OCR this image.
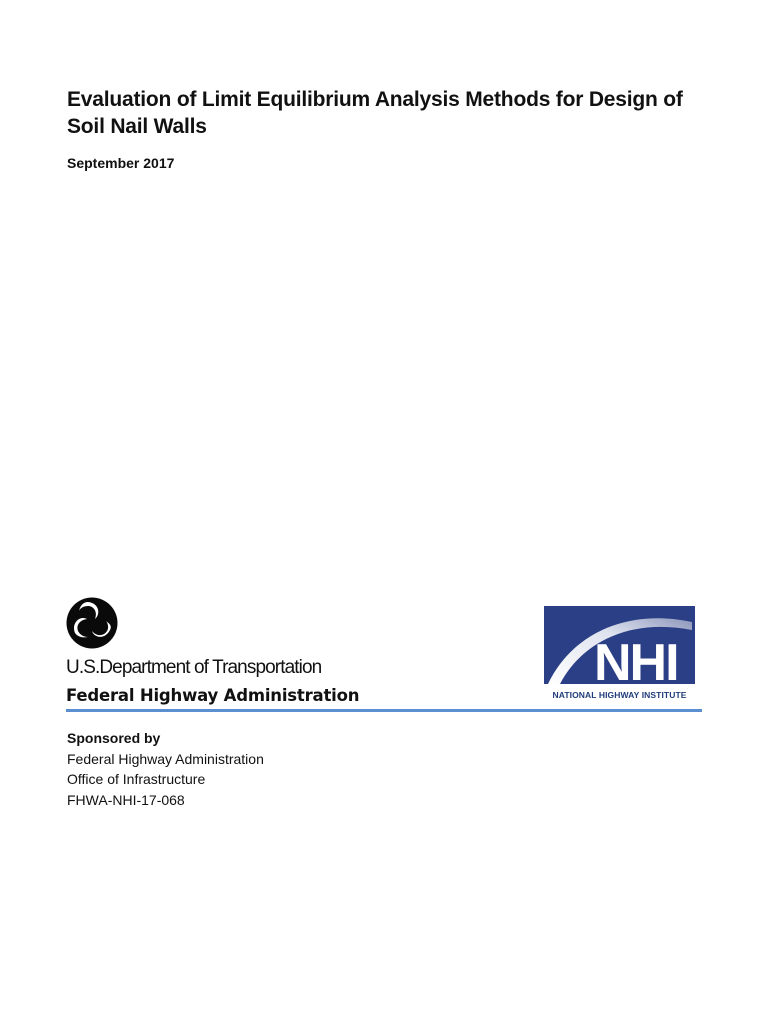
Evaluation of Limit Equilibrium Analysis Methods for Design of Soil Nail Walls
September 2017
U.S.Department of Transportation
Federal Highway Administration
NHI
NATIONAL HIGHWAY INSTITUTE
Sponsored by
Federal Highway Administration
Office of Infrastructure
FHWA-NHI-17-068
